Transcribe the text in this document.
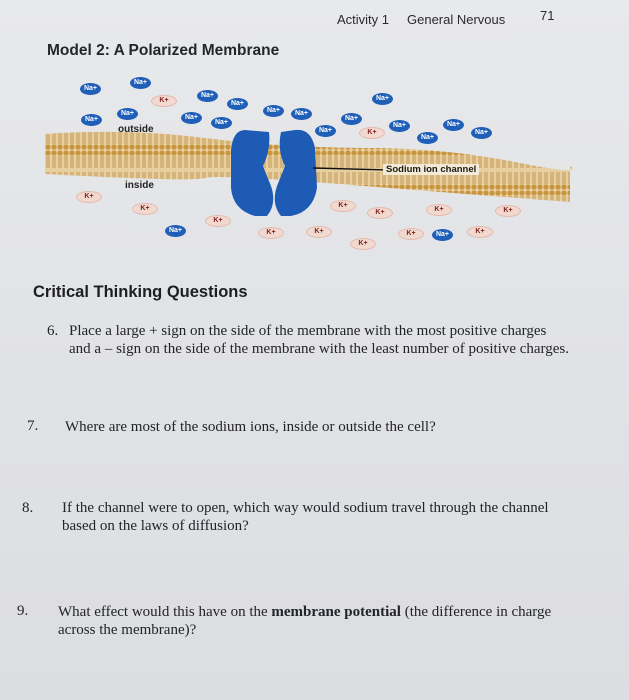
Activity 1 General Nervous	71
Model 2: A Polarized Membrane
outside
inside
Sodium ion channel
Na+
Na+
K+
Na+
Na+
Na+
Na+
Na+
Na+
Na+	Na+
Na+
Na+
Na+
K+
Na+
Na+
Na+
Na+
K+
K+
Na+
K+
K+	K+
K+
K+
K+
K+
K+	Na+	K+
K+
Critical Thinking Questions
6. Place a large + sign on the side of the membrane with the most positive charges and a – sign on the side of the membrane with the least number of positive charges.
7. Where are most of the sodium ions, inside or outside the cell?
8. If the channel were to open, which way would sodium travel through the channel based on the laws of diffusion?
9. What effect would this have on the membrane potential (the difference in charge across the membrane)?
